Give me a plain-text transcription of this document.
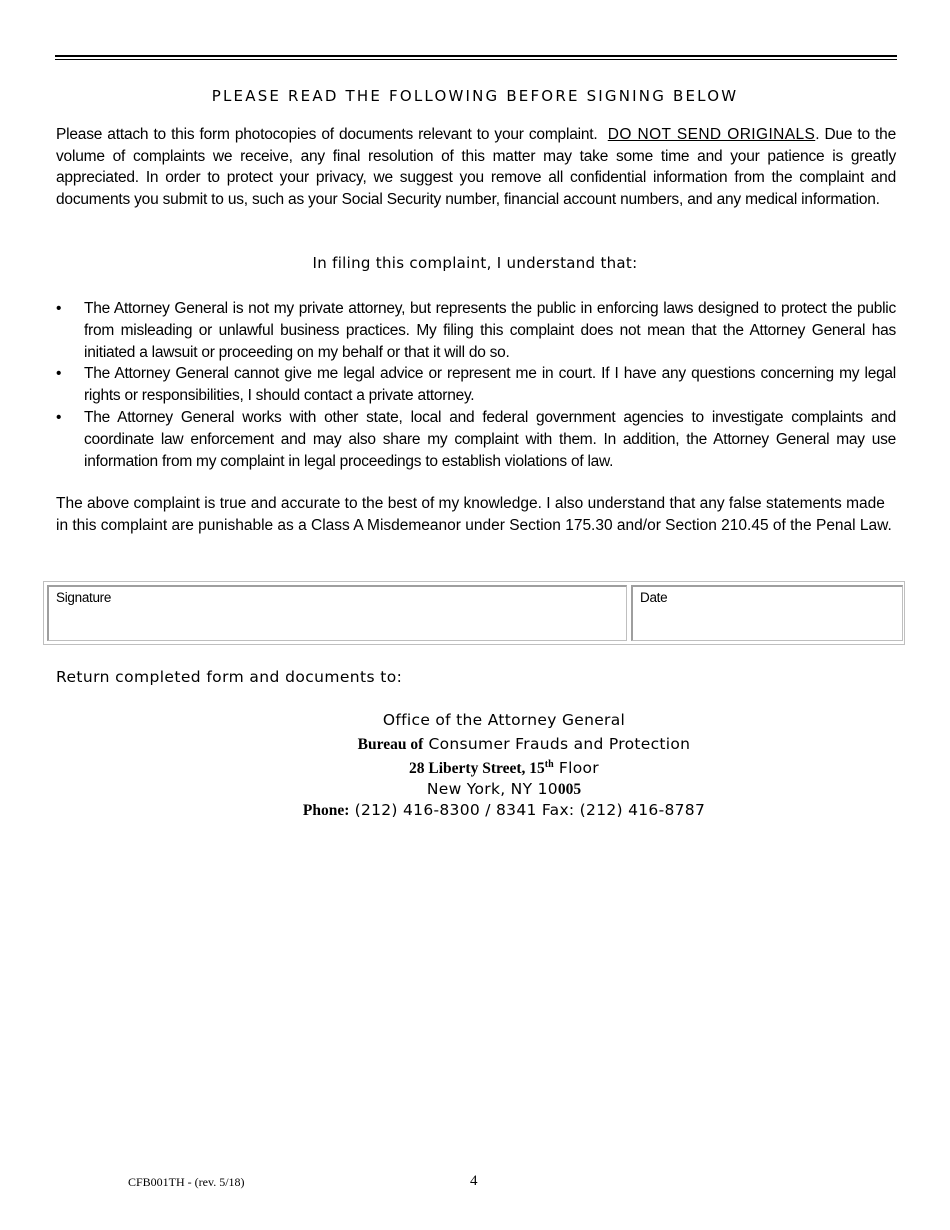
PLEASE READ THE FOLLOWING BEFORE SIGNING BELOW
Please attach to this form photocopies of documents relevant to your complaint. DO NOT SEND ORIGINALS. Due to the volume of complaints we receive, any final resolution of this matter may take some time and your patience is greatly appreciated. In order to protect your privacy, we suggest you remove all confidential information from the complaint and documents you submit to us, such as your Social Security number, financial account numbers, and any medical information.
In filing this complaint, I understand that:
• The Attorney General is not my private attorney, but represents the public in enforcing laws designed to protect the public from misleading or unlawful business practices. My filing this complaint does not mean that the Attorney General has initiated a lawsuit or proceeding on my behalf or that it will do so.
• The Attorney General cannot give me legal advice or represent me in court. If I have any questions concerning my legal rights or responsibilities, I should contact a private attorney.
• The Attorney General works with other state, local and federal government agencies to investigate complaints and coordinate law enforcement and may also share my complaint with them. In addition, the Attorney General may use information from my complaint in legal proceedings to establish violations of law.
The above complaint is true and accurate to the best of my knowledge. I also understand that any false statements made in this complaint are punishable as a Class A Misdemeanor under Section 175.30 and/or Section 210.45 of the Penal Law.
Signature	Date
Return completed form and documents to:
Office of the Attorney General
Bureau of Consumer Frauds and Protection
28 Liberty Street, 15th Floor
New York, NY 10005
Phone: (212) 416-8300 / 8341 Fax: (212) 416-8787
CFB001TH - (rev. 5/18)	4
